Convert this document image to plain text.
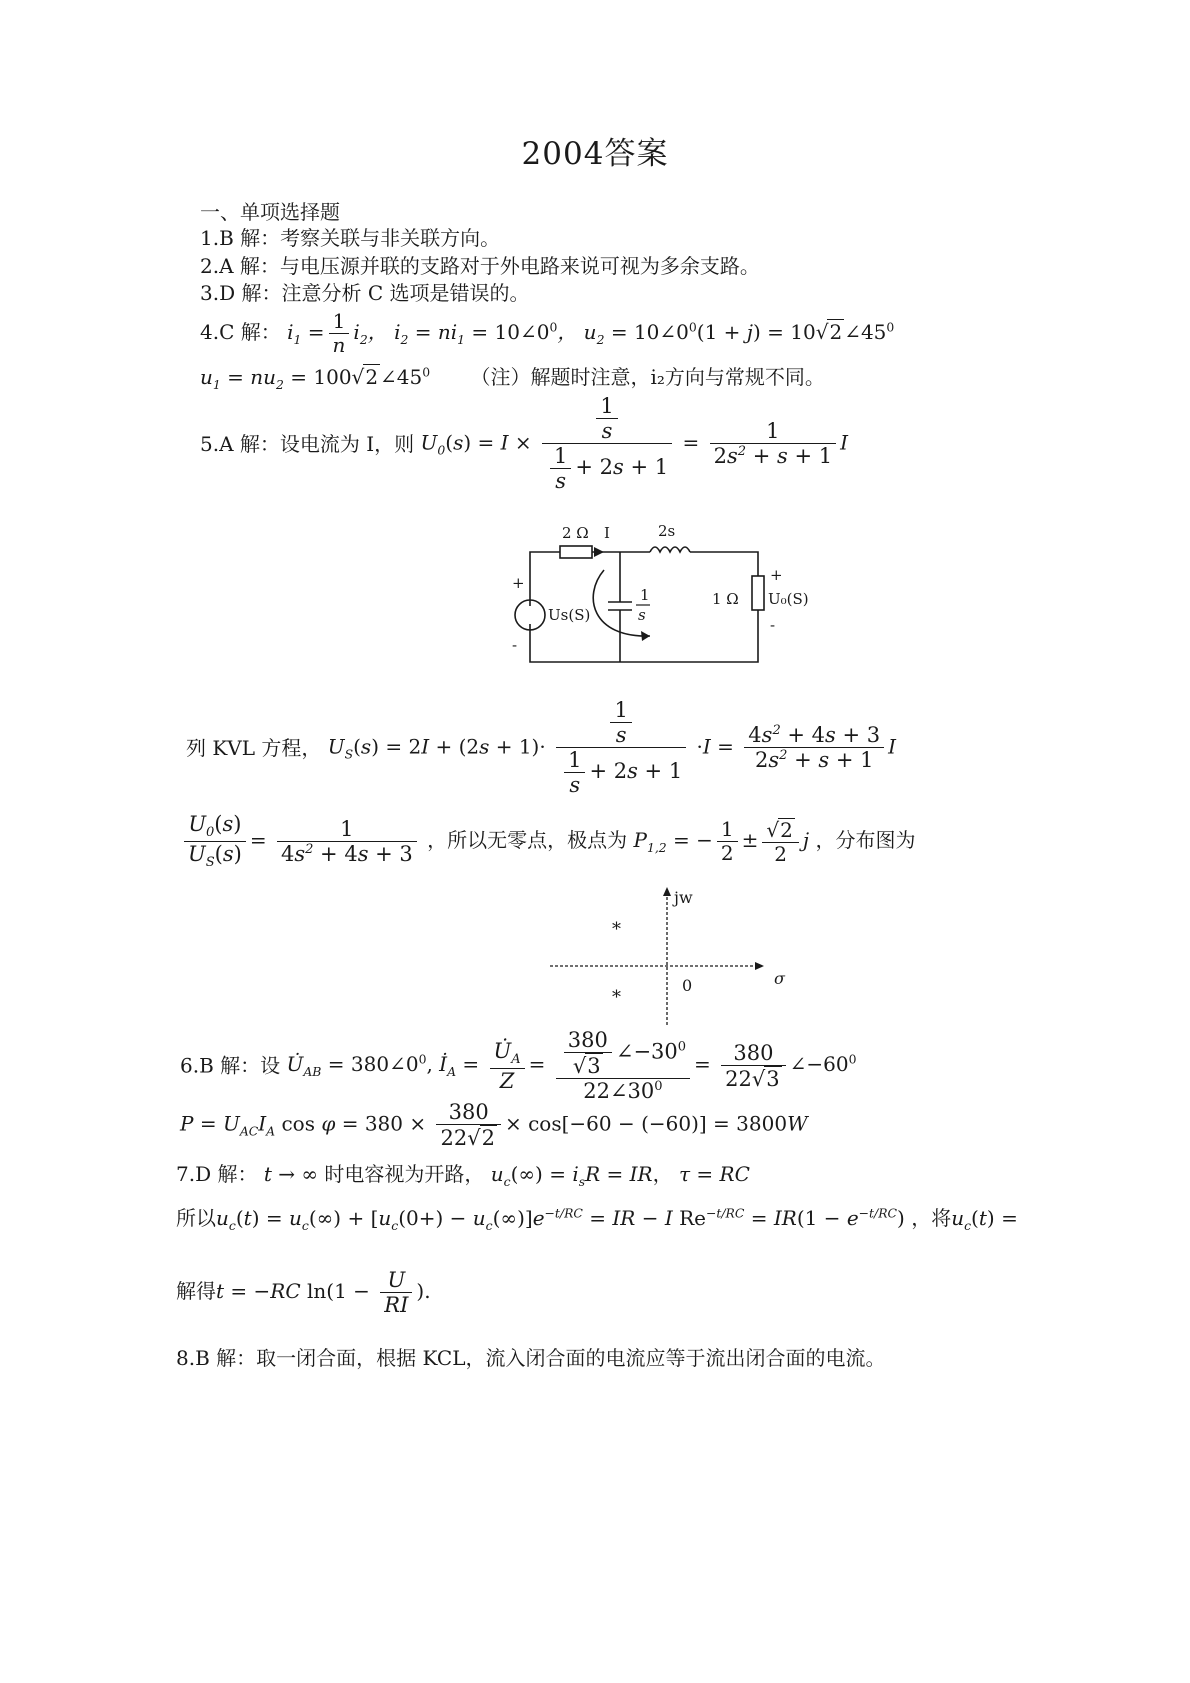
2004答案
一、单项选择题
1.B 解：考察关联与非关联方向。
2.A 解：与电压源并联的支路对于外电路来说可视为多余支路。
3.D 解：注意分析 C 选项是错误的。
4.C 解： $i_1 = \frac{1}{n} i_2$， $i_2 = ni_1$ = $10\angle 0^0$， $u_2$ = $10\angle 0^0(1 + j) = 10√2$ $\angle 45^0$
$u_1 = nu_2 = 100√2$ $\angle 45^0$ （注）解题时注意，i₂方向与常规不同。
5.A 解：设电流为 I，则 $U_0(s) = I \times \frac{\frac{1}{s}}{\frac{1}{s} + 2s + 1} = \frac{1}{2s^2 + s + 1}$ I
2 Ω I	2s
1
s
+
Us(S)
-
1 Ω
+
U₀(S)
-
列 KVL 方程， $U_S(s) = 2I + (2s + 1)\cdot \frac{\frac{1}{s}}{\frac{1}{s} + 2s + 1} \cdot I = \frac{4s^2 + 4s + 3}{2s^2 + s + 1}$ I
$\frac{U_0(s)}{U_S(s)} = \frac{1}{4s^2 + 4s + 3}$ ，所以无零点，极点为 $P_{1,2}$ = − $\frac{1}{2} \pm \frac{√2}{2}$ j ，分布图为
jw
σ
0
*
*
6.B 解：设 $U̇_{AB}$ = $380\angle 0^0$, $İ_A = \frac{U̇_A}{Z} = \frac{\frac{380}{√3} \angle-30^0}{22\angle 30^0} = \frac{380}{22√3}$ $\angle-60^0$
$P = U_{AC}I_A$ $\cos \varphi = 380 \times \frac{380}{22√2} \times \cos[-60 - (-60)] = 3800W$
7.D 解： t → ∞ 时电容视为开路， $u_c(\infty) = i_sR$ = IR， τ = RC
所以$u_c(t) = u_c(\infty) + [u_c(0+) - u_c(\infty)]e^{-t/RC}$ = IR − I $Re^{-t/RC} = IR(1 - e^{-t/RC})$ ，将$u_c(t)$ =
解得t = −RC $\ln(1 - \frac{U}{RI}$ ).
8.B 解：取一闭合面，根据 KCL，流入闭合面的电流应等于流出闭合面的电流。
